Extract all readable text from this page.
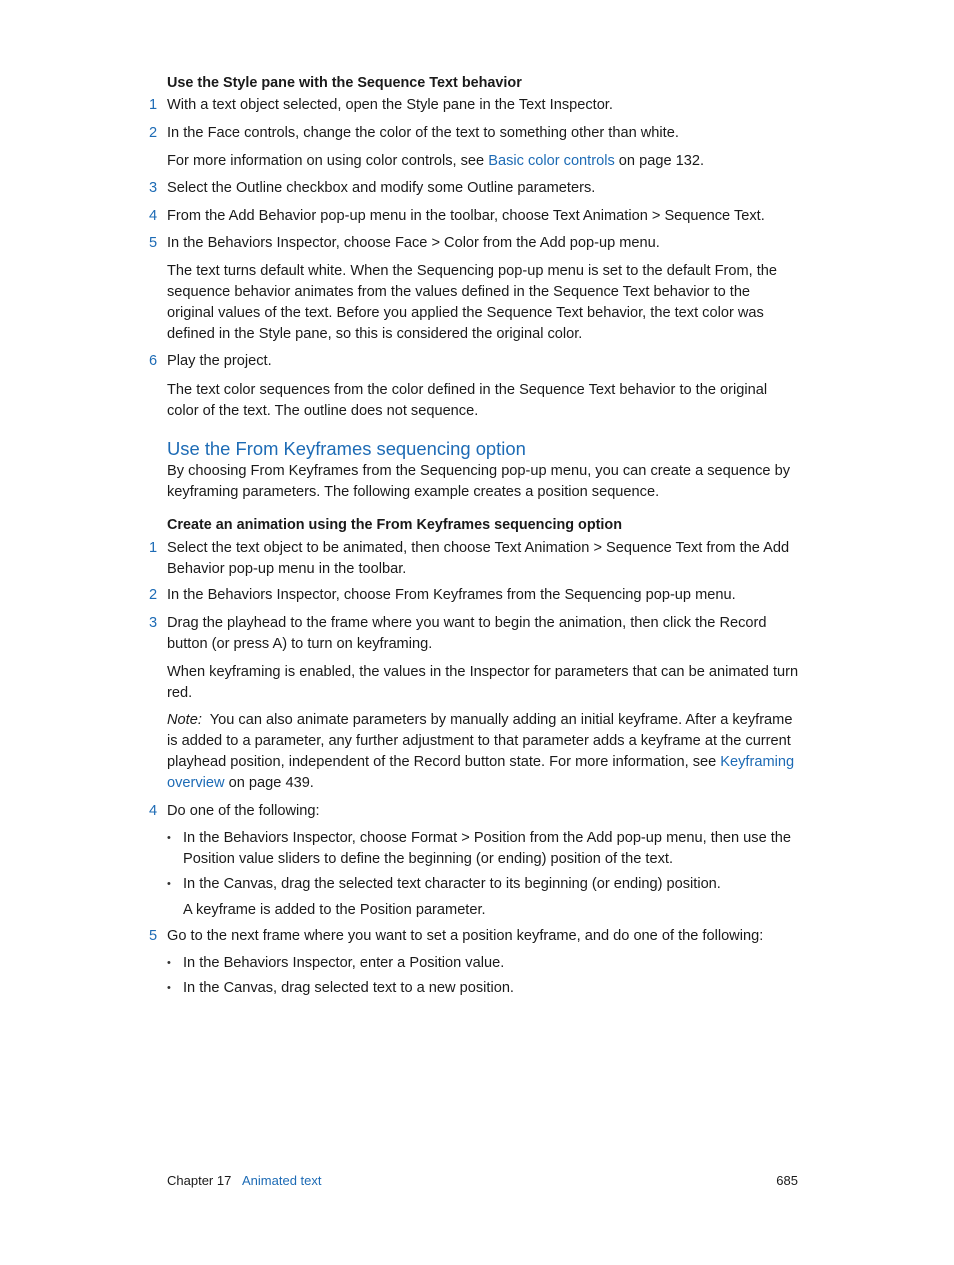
Use the Style pane with the Sequence Text behavior
1 With a text object selected, open the Style pane in the Text Inspector.
2 In the Face controls, change the color of the text to something other than white.
For more information on using color controls, see Basic color controls on page 132.
3 Select the Outline checkbox and modify some Outline parameters.
4 From the Add Behavior pop-up menu in the toolbar, choose Text Animation > Sequence Text.
5 In the Behaviors Inspector, choose Face > Color from the Add pop-up menu.
The text turns default white. When the Sequencing pop-up menu is set to the default From, the sequence behavior animates from the values defined in the Sequence Text behavior to the original values of the text. Before you applied the Sequence Text behavior, the text color was defined in the Style pane, so this is considered the original color.
6 Play the project.
The text color sequences from the color defined in the Sequence Text behavior to the original color of the text. The outline does not sequence.
Use the From Keyframes sequencing option
By choosing From Keyframes from the Sequencing pop-up menu, you can create a sequence by keyframing parameters. The following example creates a position sequence.
Create an animation using the From Keyframes sequencing option
1 Select the text object to be animated, then choose Text Animation > Sequence Text from the Add Behavior pop-up menu in the toolbar.
2 In the Behaviors Inspector, choose From Keyframes from the Sequencing pop-up menu.
3 Drag the playhead to the frame where you want to begin the animation, then click the Record button (or press A) to turn on keyframing.
When keyframing is enabled, the values in the Inspector for parameters that can be animated turn red.
Note:  You can also animate parameters by manually adding an initial keyframe. After a keyframe is added to a parameter, any further adjustment to that parameter adds a keyframe at the current playhead position, independent of the Record button state. For more information, see Keyframing overview on page 439.
4 Do one of the following:
• In the Behaviors Inspector, choose Format > Position from the Add pop-up menu, then use the Position value sliders to define the beginning (or ending) position of the text.
• In the Canvas, drag the selected text character to its beginning (or ending) position.
A keyframe is added to the Position parameter.
5 Go to the next frame where you want to set a position keyframe, and do one of the following:
• In the Behaviors Inspector, enter a Position value.
• In the Canvas, drag selected text to a new position.
Chapter 17 Animated text	685
